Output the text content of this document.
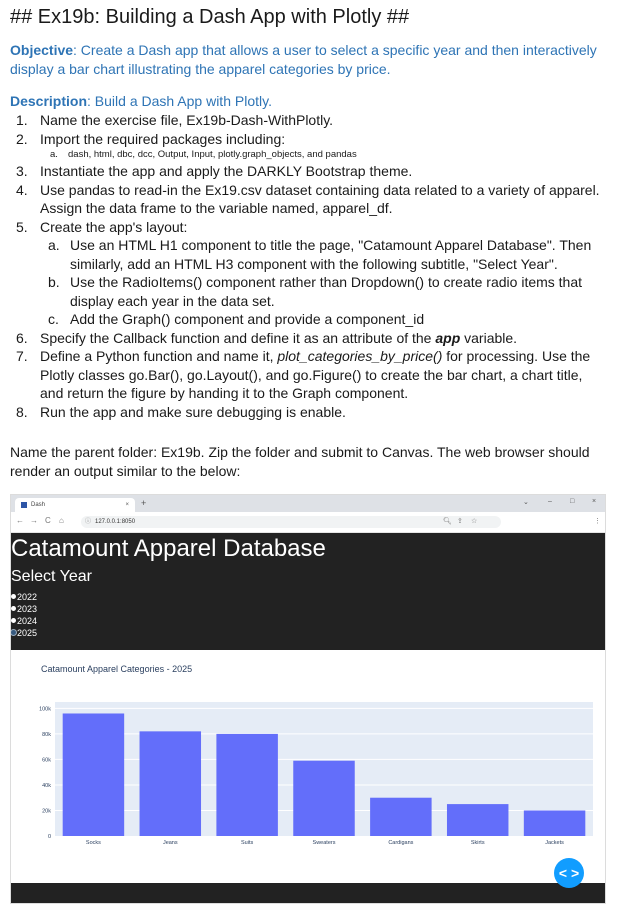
## Ex19b: Building a Dash App with Plotly ##
Objective: Create a Dash app that allows a user to select a specific year and then interactively display a bar chart illustrating the apparel categories by price.
Description: Build a Dash App with Plotly.
1. Name the exercise file, Ex19b-Dash-WithPlotly.
2. Import the required packages including:
a. dash, html, dbc, dcc, Output, Input, plotly.graph_objects, and pandas
3. Instantiate the app and apply the DARKLY Bootstrap theme.
4. Use pandas to read-in the Ex19.csv dataset containing data related to a variety of apparel. Assign the data frame to the variable named, apparel_df.
5. Create the app's layout:
a. Use an HTML H1 component to title the page, "Catamount Apparel Database". Then similarly, add an HTML H3 component with the following subtitle, "Select Year".
b. Use the RadioItems() component rather than Dropdown() to create radio items that display each year in the data set.
c. Add the Graph() component and provide a component_id
6. Specify the Callback function and define it as an attribute of the app variable.
7. Define a Python function and name it, plot_categories_by_price() for processing. Use the Plotly classes go.Bar(), go.Layout(), and go.Figure() to create the bar chart, a chart title, and return the figure by handing it to the Graph component.
8. Run the app and make sure debugging is enable.
Name the parent folder: Ex19b. Zip the folder and submit to Canvas. The web browser should render an output similar to the below:
Dash	× +	⌄	–	□	×
← → C ⌂	ⓘ 127.0.0.1:8050	🔍︎ ⇪ ☆	⋮
Catamount Apparel Database
Select Year
2022
2023
2024
2025
Catamount Apparel Categories - 2025
0
20k
40k
60k
80k
100k
Socks	Jeans	Suits	Sweaters	Cardigans	Skirts	Jackets
< >
